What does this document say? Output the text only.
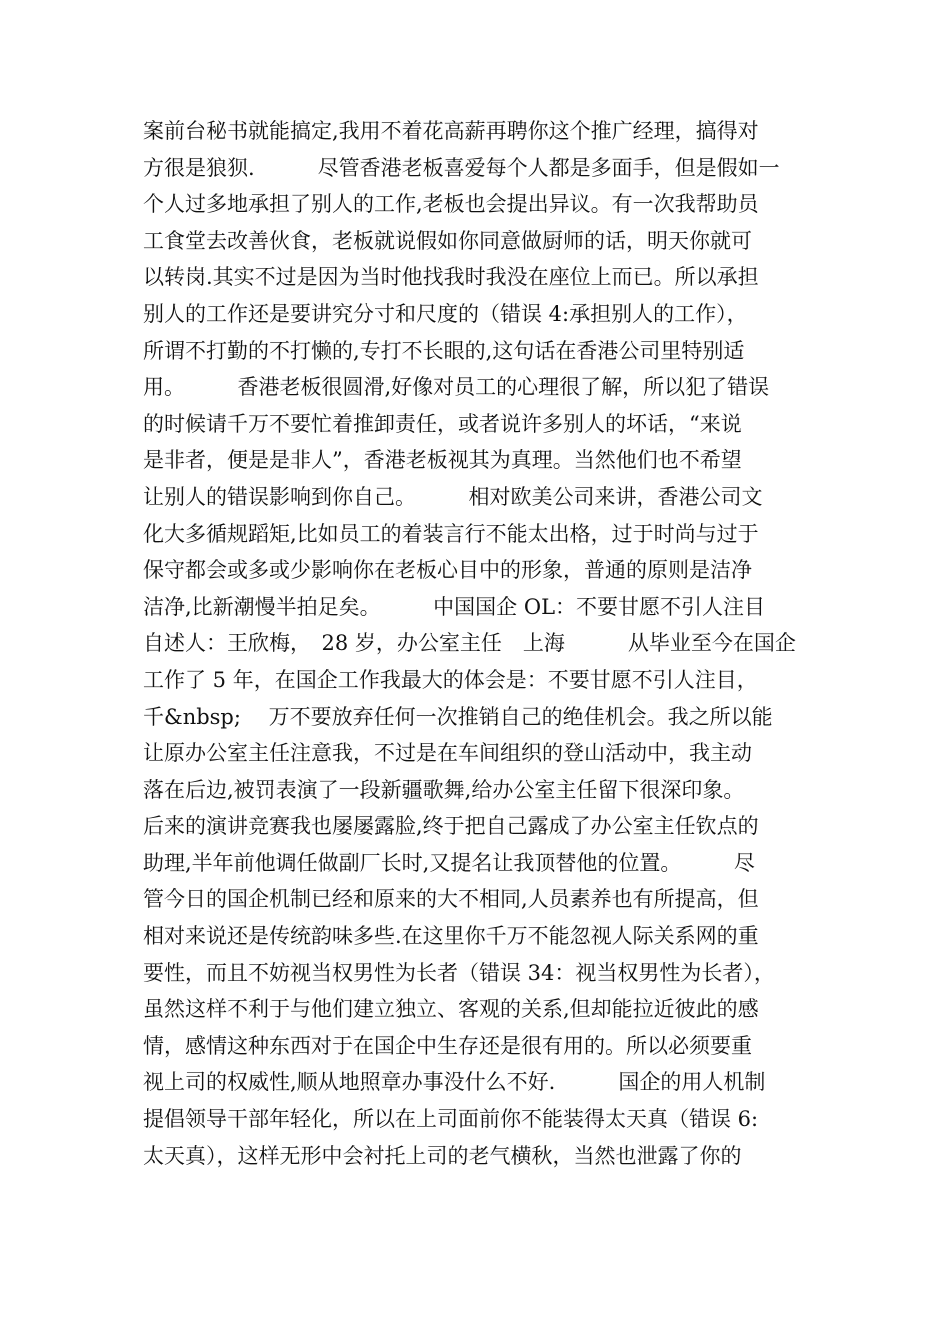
案前台秘书就能搞定,我用不着花高薪再聘你这个推广经理，搞得对
方很是狼狈.　　　尽管香港老板喜爱每个人都是多面手，但是假如一
个人过多地承担了别人的工作,老板也会提出异议。有一次我帮助员
工食堂去改善伙食，老板就说假如你同意做厨师的话，明天你就可
以转岗.其实不过是因为当时他找我时我没在座位上而已。所以承担
别人的工作还是要讲究分寸和尺度的（错误 4:承担别人的工作），
所谓不打勤的不打懒的,专打不长眼的,这句话在香港公司里特别适
用。　　　香港老板很圆滑,好像对员工的心理很了解，所以犯了错误
的时候请千万不要忙着推卸责任，或者说许多别人的坏话，“来说
是非者，便是是非人”，香港老板视其为真理。当然他们也不希望
让别人的错误影响到你自己。　　　相对欧美公司来讲，香港公司文
化大多循规蹈矩,比如员工的着装言行不能太出格，过于时尚与过于
保守都会或多或少影响你在老板心目中的形象，普通的原则是洁净
洁净,比新潮慢半拍足矣。　　　中国国企 OL：不要甘愿不引人注目
自述人：王欣梅，　28 岁，办公室主任　上海　　　从毕业至今在国企
工作了 5 年，在国企工作我最大的体会是：不要甘愿不引人注目，
千&nbsp;　 万不要放弃任何一次推销自己的绝佳机会。我之所以能
让原办公室主任注意我，不过是在车间组织的登山活动中，我主动
落在后边,被罚表演了一段新疆歌舞,给办公室主任留下很深印象。
后来的演讲竞赛我也屡屡露脸,终于把自己露成了办公室主任钦点的
助理,半年前他调任做副厂长时,又提名让我顶替他的位置。　　　尽
管今日的国企机制已经和原来的大不相同,人员素养也有所提高，但
相对来说还是传统韵味多些.在这里你千万不能忽视人际关系网的重
要性，而且不妨视当权男性为长者（错误 34：视当权男性为长者），
虽然这样不利于与他们建立独立、客观的关系,但却能拉近彼此的感
情，感情这种东西对于在国企中生存还是很有用的。所以必须要重
视上司的权威性,顺从地照章办事没什么不好.　　　国企的用人机制
提倡领导干部年轻化，所以在上司面前你不能装得太天真（错误 6:
太天真），这样无形中会衬托上司的老气横秋，当然也泄露了你的
